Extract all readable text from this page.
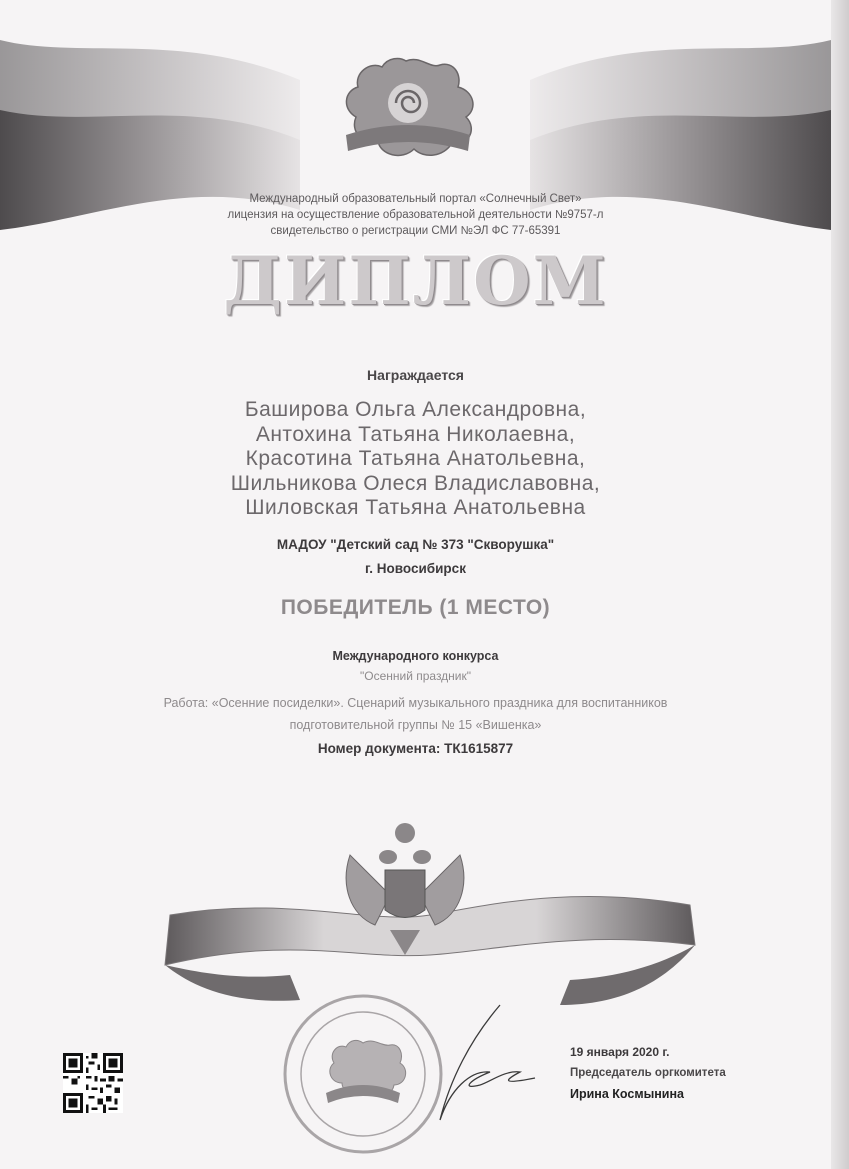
Международный образовательный портал «Солнечный Свет»
лицензия на осуществление образовательной деятельности №9757-л
свидетельство о регистрации СМИ №ЭЛ ФС 77-65391
ДИПЛОМ
Награждается
Баширова Ольга Александровна,
Антохина Татьяна Николаевна,
Красотина Татьяна Анатольевна,
Шильникова Олеся Владиславовна,
Шиловская Татьяна Анатольевна
МАДОУ "Детский сад № 373 "Скворушка"
г. Новосибирск
ПОБЕДИТЕЛЬ (1 МЕСТО)
Международного конкурса
"Осенний праздник"
Работа: «Осенние посиделки». Сценарий музыкального праздника для воспитанников
подготовительной группы № 15 «Вишенка»
Номер документа: ТК1615877
19 января 2020 г.
Председатель оргкомитета
Ирина Космынина
